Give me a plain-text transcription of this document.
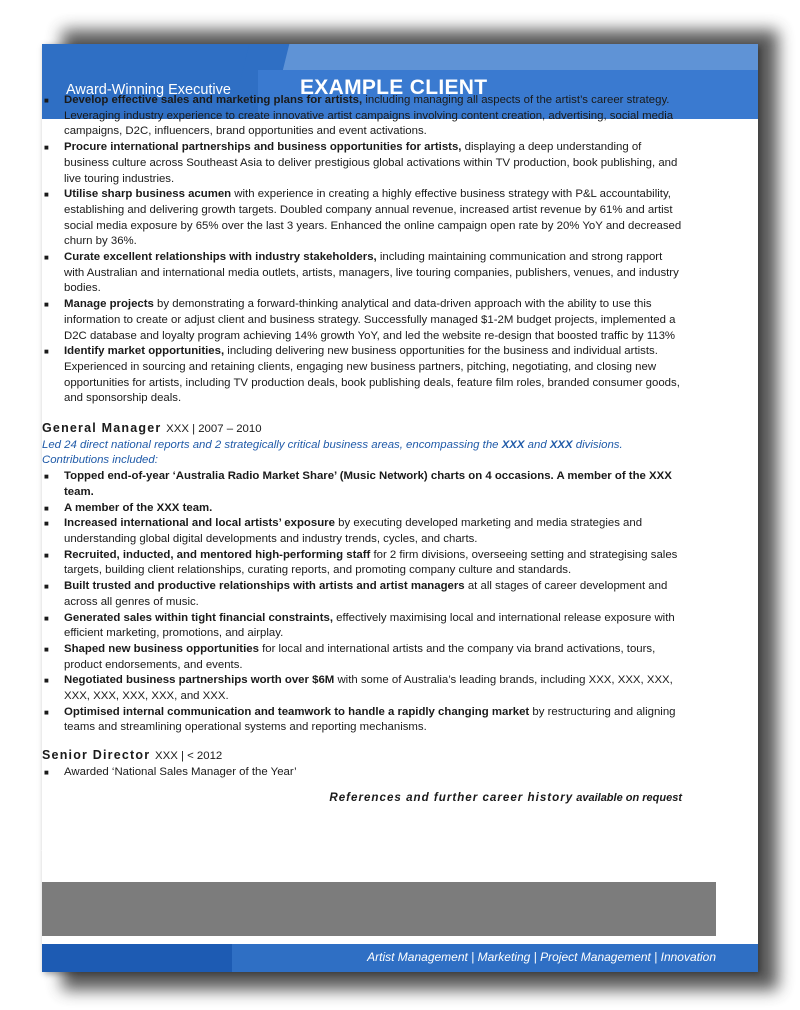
Award-Winning Executive	EXAMPLE CLIENT
Artist Management | Marketing | Project Management | Innovation
■ Develop effective sales and marketing plans for artists, including managing all aspects of the artist’s career strategy. Leveraging industry experience to create innovative artist campaigns involving content creation, advertising, social media campaigns, D2C, influencers, brand opportunities and event activations.
■ Procure international partnerships and business opportunities for artists, displaying a deep understanding of business culture across Southeast Asia to deliver prestigious global activations within TV production, book publishing, and live touring industries.
■ Utilise sharp business acumen with experience in creating a highly effective business strategy with P&L accountability, establishing and delivering growth targets. Doubled company annual revenue, increased artist revenue by 61% and artist social media exposure by 65% over the last 3 years. Enhanced the online campaign open rate by 20% YoY and decreased churn by 36%.
■ Curate excellent relationships with industry stakeholders, including maintaining communication and strong rapport with Australian and international media outlets, artists, managers, live touring companies, publishers, venues, and industry bodies.
■ Manage projects by demonstrating a forward-thinking analytical and data-driven approach with the ability to use this information to create or adjust client and business strategy. Successfully managed $1-2M budget projects, implemented a D2C database and loyalty program achieving 14% growth YoY, and led the website re-design that boosted traffic by 113%
■ Identify market opportunities, including delivering new business opportunities for the business and individual artists. Experienced in sourcing and retaining clients, engaging new business partners, pitching, negotiating, and closing new opportunities for artists, including TV production deals, book publishing deals, feature film roles, branded consumer goods, and sponsorship deals.
General Manager XXX | 2007 – 2010
Led 24 direct national reports and 2 strategically critical business areas, encompassing the XXX and XXX divisions.
Contributions included:
■ Topped end-of-year ‘Australia Radio Market Share’ (Music Network) charts on 4 occasions. A member of the XXX team.
■ A member of the XXX team.
■ Increased international and local artists’ exposure by executing developed marketing and media strategies and understanding global digital developments and industry trends, cycles, and charts.
■ Recruited, inducted, and mentored high-performing staff for 2 firm divisions, overseeing setting and strategising sales targets, building client relationships, curating reports, and promoting company culture and standards.
■ Built trusted and productive relationships with artists and artist managers at all stages of career development and across all genres of music.
■ Generated sales within tight financial constraints, effectively maximising local and international release exposure with efficient marketing, promotions, and airplay.
■ Shaped new business opportunities for local and international artists and the company via brand activations, tours, product endorsements, and events.
■ Negotiated business partnerships worth over $6M with some of Australia’s leading brands, including XXX, XXX, XXX, XXX, XXX, XXX, XXX, and XXX.
■ Optimised internal communication and teamwork to handle a rapidly changing market by restructuring and aligning teams and streamlining operational systems and reporting mechanisms.
Senior Director XXX | < 2012
■ Awarded ‘National Sales Manager of the Year’
References and further career history available on request
An experienced negotiator and influencer with a reputation for effectively formulating multi-faceted marketing plans, coupled with excellent promotions, publicity, sales, and communication skills. Highly skilled in collaborating across multi-layered internal and external stakeholders at the most senior levels.
